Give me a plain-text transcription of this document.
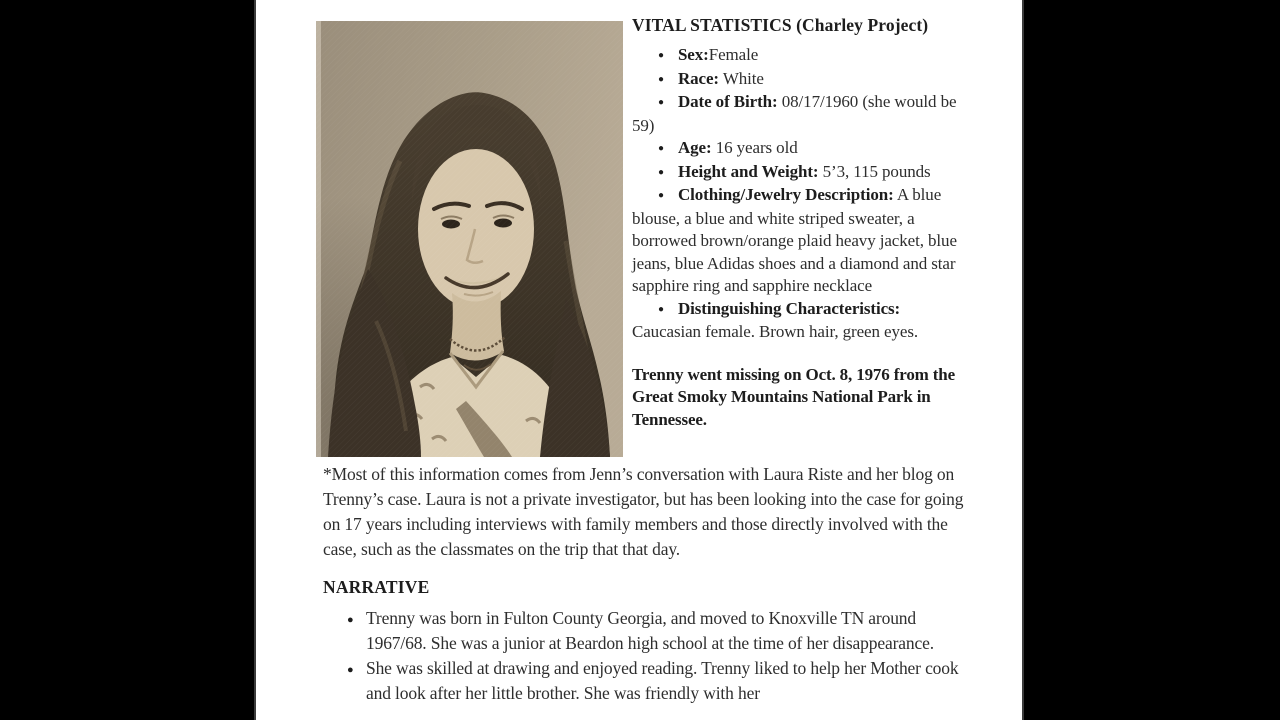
VITAL STATISTICS (Charley Project)
● Sex:Female
● Race: White
● Date of Birth: 08/17/1960 (she would be 59)
● Age: 16 years old
● Height and Weight: 5’3, 115 pounds
● Clothing/Jewelry Description: A blue blouse, a blue and white striped sweater, a borrowed brown/orange plaid heavy jacket, blue jeans, blue Adidas shoes and a diamond and star sapphire ring and sapphire necklace
● Distinguishing Characteristics: Caucasian female. Brown hair, green eyes.

Trenny went missing on Oct. 8, 1976 from the Great Smoky Mountains National Park in Tennessee.

*Most of this information comes from Jenn’s conversation with Laura Riste and her blog on Trenny’s case. Laura is not a private investigator, but has been looking into the case for going on 17 years including interviews with family members and those directly involved with the case, such as the classmates on the trip that that day.

NARRATIVE
● Trenny was born in Fulton County Georgia, and moved to Knoxville TN around 1967/68. She was a junior at Beardon high school at the time of her disappearance.
● She was skilled at drawing and enjoyed reading. Trenny liked to help her Mother cook and look after her little brother. She was friendly with her
